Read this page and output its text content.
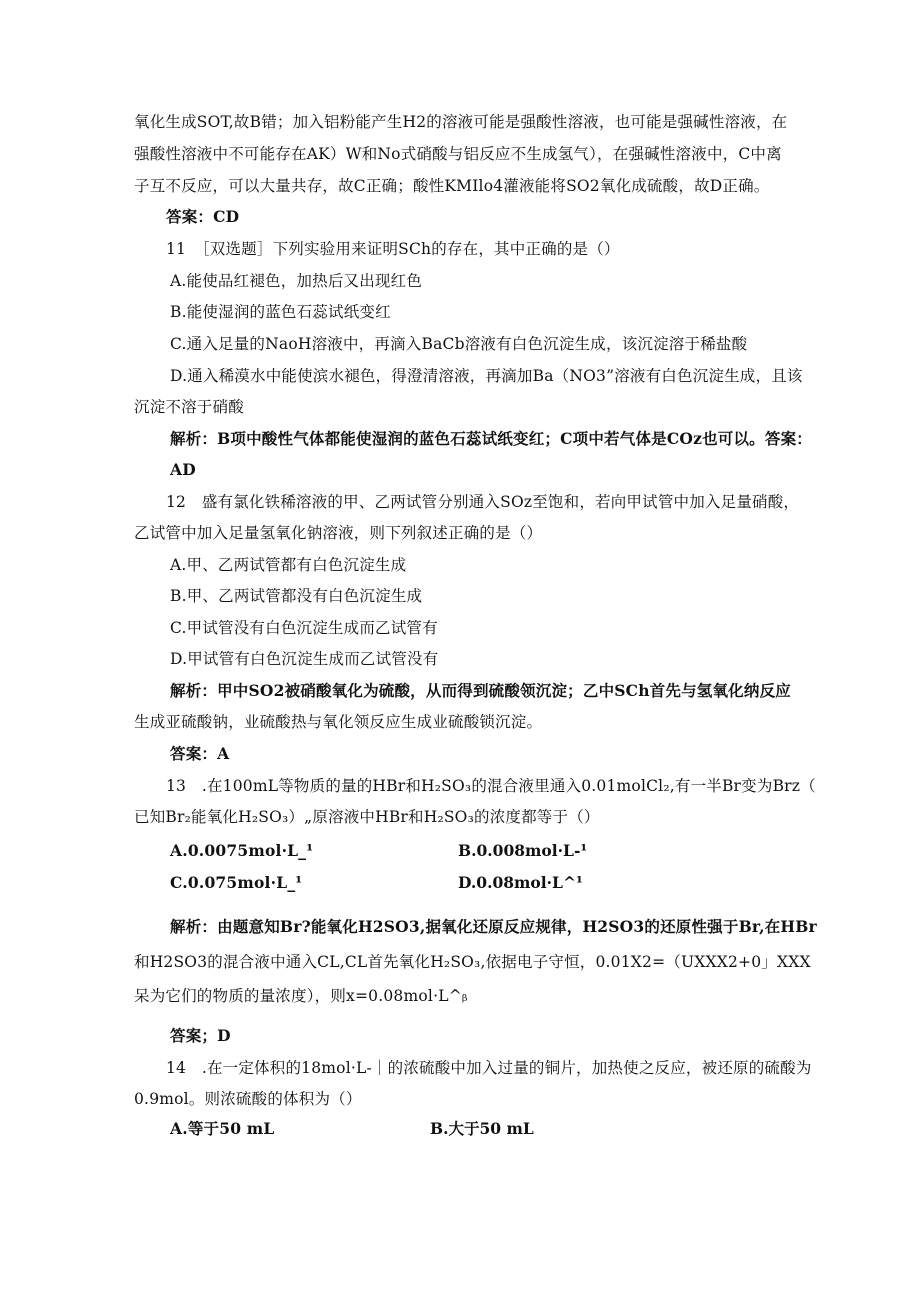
氧化生成SOT,故B错；加入铝粉能产生H2的溶液可能是强酸性溶液，也可能是强碱性溶液，在
强酸性溶液中不可能存在AK）W和No式硝酸与铝反应不生成氢气），在强碱性溶液中，C中离
子互不反应，可以大量共存，故C正确；酸性KMIlo4灌液能将SO2氧化成硫酸，故D正确。
答案：CD
11　［双选题］下列实验用来证明SCh的存在，其中正确的是（）
A.能使品红褪色，加热后又出现红色
B.能使湿润的蓝色石蕊试纸变红
C.通入足量的NaoH溶液中，再滴入BaCb溶液有白色沉淀生成，该沉淀溶于稀盐酸
D.通入稀漠水中能使滨水褪色，得澄清溶液，再滴加Ba（NO3”溶液有白色沉淀生成，且该
沉淀不溶于硝酸
解析：B项中酸性气体都能使湿润的蓝色石蕊试纸变红；C项中若气体是COz也可以。答案：
AD
12　盛有氯化铁稀溶液的甲、乙两试管分别通入SOz至饱和，若向甲试管中加入足量硝酸，
乙试管中加入足量氢氧化钠溶液，则下列叙述正确的是（）
A.甲、乙两试管都有白色沉淀生成
B.甲、乙两试管都没有白色沉淀生成
C.甲试管没有白色沉淀生成而乙试管有
D.甲试管有白色沉淀生成而乙试管没有
解析：甲中SO2被硝酸氧化为硫酸，从而得到硫酸领沉淀；乙中SCh首先与氢氧化纳反应
生成亚硫酸钠，业硫酸热与氧化领反应生成业硫酸锁沉淀。
答案：A
13　.在100mL等物质的量的HBr和H₂SO₃的混合液里通入0.01molCl₂,有一半Br变为Brz（
已知Br₂能氧化H₂SO₃）„原溶液中HBr和H₂SO₃的浓度都等于（）
A.0.0075mol·L_¹	B.0.008mol·L-¹
C.0.075mol·L_¹	D.0.08mol·L^¹
解析：由题意知Br?能氧化H2SO3,据氧化还原反应规律，H2SO3的还原性强于Br,在HBr
和H2SO3的混合液中通入CL,CL首先氧化H₂SO₃,依据电子守恒，0.01X2=（UXXX2+0」XXX
呆为它们的物质的量浓度），则x=0.08mol·L^ᵦ
答案；D
14　.在一定体积的18mol·L-｜的浓硫酸中加入过量的铜片，加热使之反应，被还原的硫酸为
0.9mol。则浓硫酸的体积为（）
A.等于50 mL	B.大于50 mL
